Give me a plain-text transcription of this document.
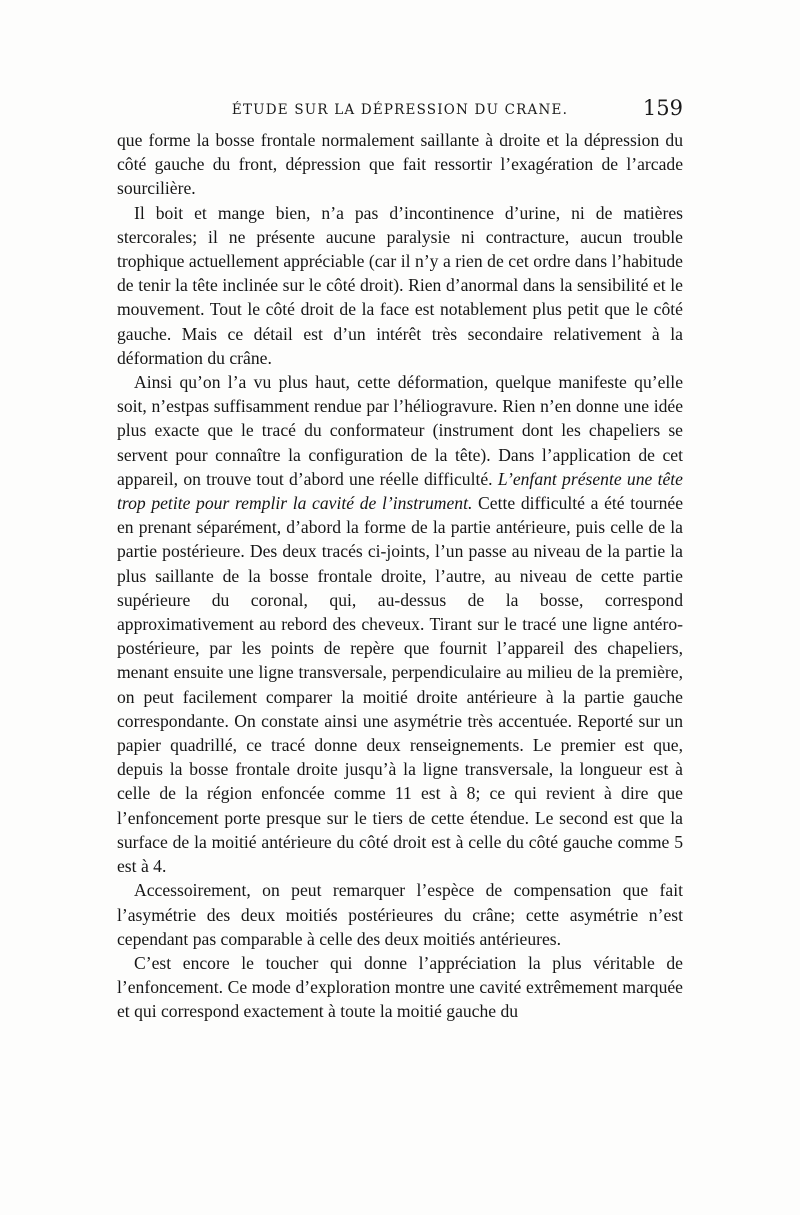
ÉTUDE SUR LA DÉPRESSION DU CRANE.	159

que forme la bosse frontale normalement saillante à droite et la dépression du côté gauche du front, dépression que fait ressortir l’exagération de l’arcade sourcilière.

Il boit et mange bien, n’a pas d’incontinence d’urine, ni de matières stercorales; il ne présente aucune paralysie ni contracture, aucun trouble trophique actuellement appréciable (car il n’y a rien de cet ordre dans l’habitude de tenir la tête inclinée sur le côté droit). Rien d’anormal dans la sensibilité et le mouvement. Tout le côté droit de la face est notablement plus petit que le côté gauche. Mais ce détail est d’un intérêt très secondaire relativement à la déformation du crâne.

Ainsi qu’on l’a vu plus haut, cette déformation, quelque manifeste qu’elle soit, n’estpas suffisamment rendue par l’héliogravure. Rien n’en donne une idée plus exacte que le tracé du conformateur (instrument dont les chapeliers se servent pour connaître la configuration de la tête). Dans l’application de cet appareil, on trouve tout d’abord une réelle difficulté. L’enfant présente une tête trop petite pour remplir la cavité de l’instrument. Cette difficulté a été tournée en prenant séparément, d’abord la forme de la partie antérieure, puis celle de la partie postérieure. Des deux tracés ci-joints, l’un passe au niveau de la partie la plus saillante de la bosse frontale droite, l’autre, au niveau de cette partie supérieure du coronal, qui, au-dessus de la bosse, correspond approximativement au rebord des cheveux. Tirant sur le tracé une ligne antéro-postérieure, par les points de repère que fournit l’appareil des chapeliers, menant ensuite une ligne transversale, perpendiculaire au milieu de la première, on peut facilement comparer la moitié droite antérieure à la partie gauche correspondante. On constate ainsi une asymétrie très accentuée. Reporté sur un papier quadrillé, ce tracé donne deux renseignements. Le premier est que, depuis la bosse frontale droite jusqu’à la ligne transversale, la longueur est à celle de la région enfoncée comme 11 est à 8; ce qui revient à dire que l’enfoncement porte presque sur le tiers de cette étendue. Le second est que la surface de la moitié antérieure du côté droit est à celle du côté gauche comme 5 est à 4.

Accessoirement, on peut remarquer l’espèce de compensation que fait l’asymétrie des deux moitiés postérieures du crâne; cette asymétrie n’est cependant pas comparable à celle des deux moitiés antérieures.

C’est encore le toucher qui donne l’appréciation la plus véritable de l’enfoncement. Ce mode d’exploration montre une cavité extrêmement marquée et qui correspond exactement à toute la moitié gauche du
